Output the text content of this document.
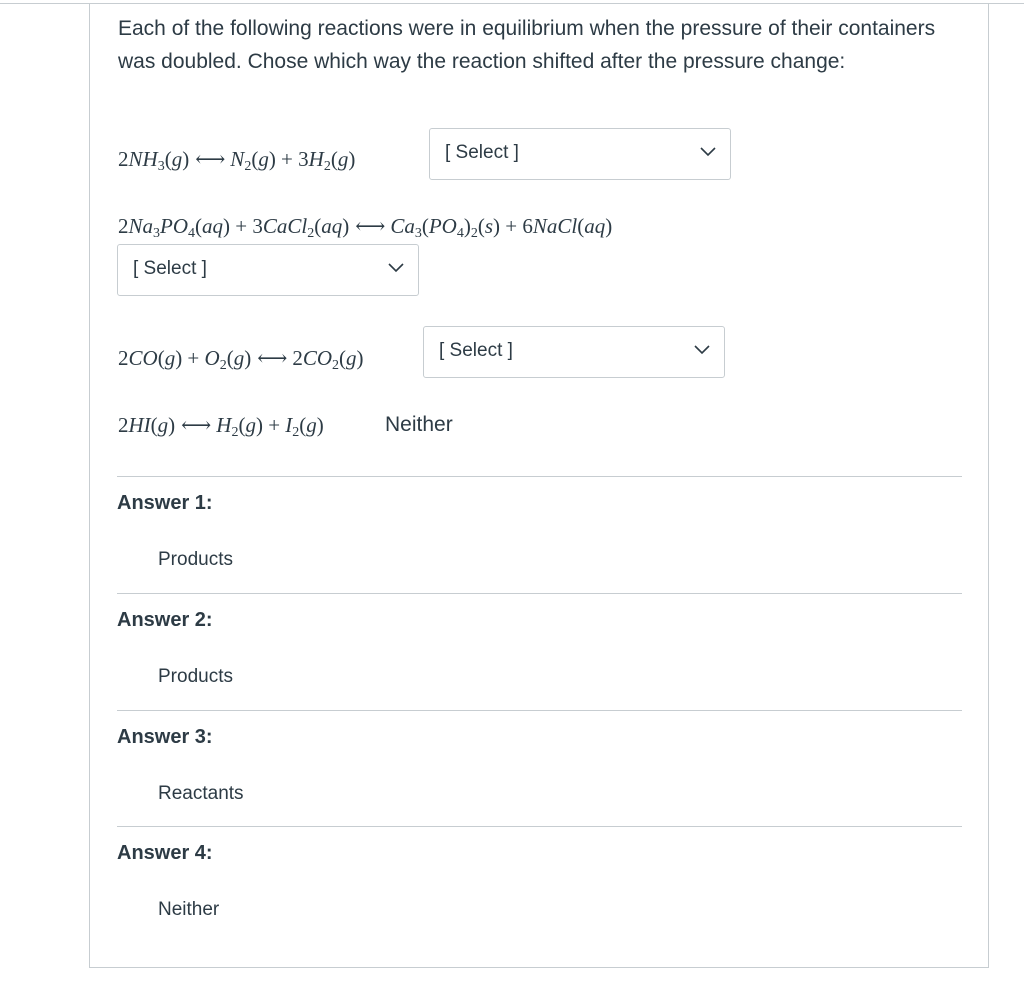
Each of the following reactions were in equilibrium when the pressure of their containers was doubled. Chose which way the reaction shifted after the pressure change:
$2NH_3(g)$ ⟷ $N_2(g) + 3H_2(g)$	[ Select ]
$2Na_3PO_4(aq)$ + 3CaCl$_2$(aq) ⟷ $Ca_3(PO_4)_2(s)$ + 6NaCl(aq)
[ Select ]
$2CO(g) + O_2(g)$ ⟷ $2CO_2(g)$	[ Select ]
2HI(g) ⟷ $H_2(g) + I_2(g)$	Neither
Answer 1:
Products
Answer 2:
Products
Answer 3:
Reactants
Answer 4:
Neither
